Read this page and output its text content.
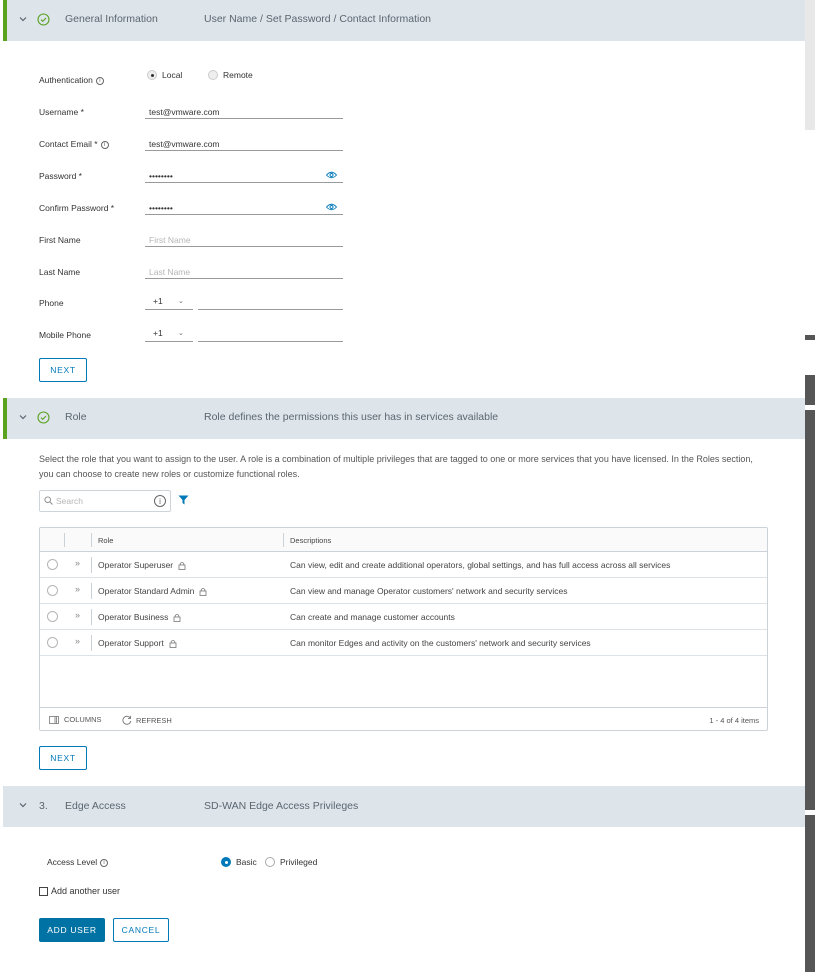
General Information	User Name / Set Password / Contact Information
Authentication i
Local	Remote
Username *	test@vmware.com
Contact Email * i	test@vmware.com
Password *	••••••••
Confirm Password *	••••••••
First Name	First Name
Last Name	Last Name
Phone	+1 ⌄
Mobile Phone	+1 ⌄
NEXT
Role	Role defines the permissions this user has in services available
Select the role that you want to assign to the user. A role is a combination of multiple privileges that are tagged to one or more services that you have licensed. In the Roles section, you can choose to create new roles or customize functional roles.
Search	i
Role	Descriptions
» Operator Superuser	Can view, edit and create additional operators, global settings, and has full access across all services
» Operator Standard Admin	Can view and manage Operator customers' network and security services
» Operator Business	Can create and manage customer accounts
» Operator Support	Can monitor Edges and activity on the customers' network and security services
COLUMNS	REFRESH	1 - 4 of 4 items
NEXT
3. Edge Access	SD-WAN Edge Access Privileges
Access Level i	Basic	Privileged
Add another user
ADD USER	CANCEL
